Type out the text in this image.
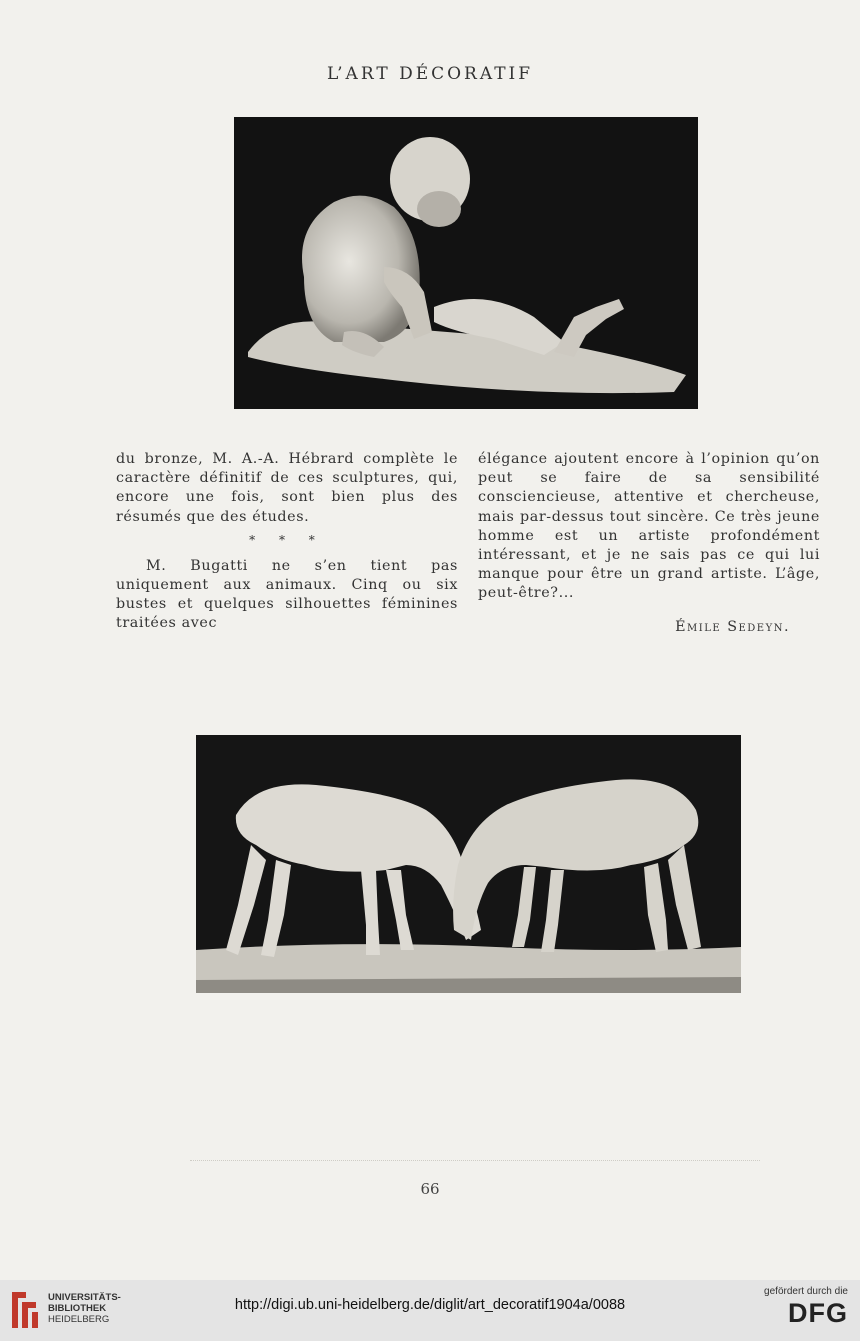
L’ART DÉCORATIF

du bronze, M. A.-A. Hébrard complète le caractère définitif de ces sculptures, qui, encore une fois, sont bien plus des résumés que des études.

* * *

M. Bugatti ne s’en tient pas uniquement aux animaux. Cinq ou six bustes et quelques silhouettes féminines traitées avec

élégance ajoutent encore à l’opinion qu’on peut se faire de sa sensibilité consciencieuse, attentive et chercheuse, mais par-dessus tout sincère. Ce très jeune homme est un artiste profondément intéressant, et je ne sais pas ce qui lui manque pour être un grand artiste. L’âge, peut-être?...

Émile Sedeyn.
66
UNIVERSITÄTS-
BIBLIOTHEK
HEIDELBERG
http://digi.ub.uni-heidelberg.de/diglit/art_decoratif1904a/0088
gefördert durch die
DFG
